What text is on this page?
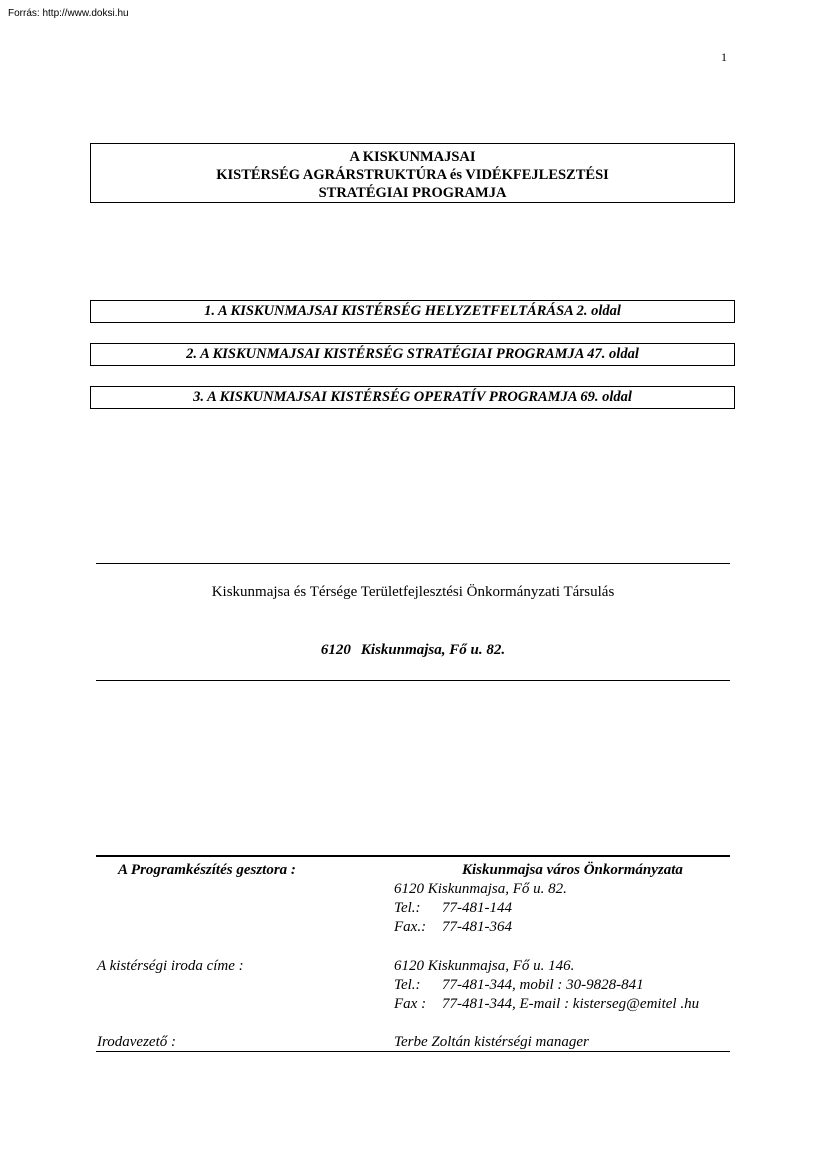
Forrás: http://www.doksi.hu
1
A KISKUNMAJSAI
KISTÉRSÉG AGRÁRSTRUKTÚRA és VIDÉKFEJLESZTÉSI
STRATÉGIAI PROGRAMJA
1. A KISKUNMAJSAI KISTÉRSÉG HELYZETFELTÁRÁSA 2. oldal
2. A KISKUNMAJSAI KISTÉRSÉG STRATÉGIAI PROGRAMJA 47. oldal
3. A KISKUNMAJSAI KISTÉRSÉG OPERATÍV PROGRAMJA 69. oldal
Kiskunmajsa és Térsége Területfejlesztési Önkormányzati Társulás
6120 Kiskunmajsa, Fő u. 82.
A Programkészítés gesztora :	Kiskunmajsa város Önkormányzata
6120 Kiskunmajsa, Fő u. 82.
Tel.: 77-481-144
Fax.: 77-481-364
A kistérségi iroda címe :	6120 Kiskunmajsa, Fő u. 146.
Tel.: 77-481-344, mobil : 30-9828-841
Fax : 77-481-344, E-mail : kisterseg@emitel .hu
Irodavezető :	Terbe Zoltán kistérségi manager
